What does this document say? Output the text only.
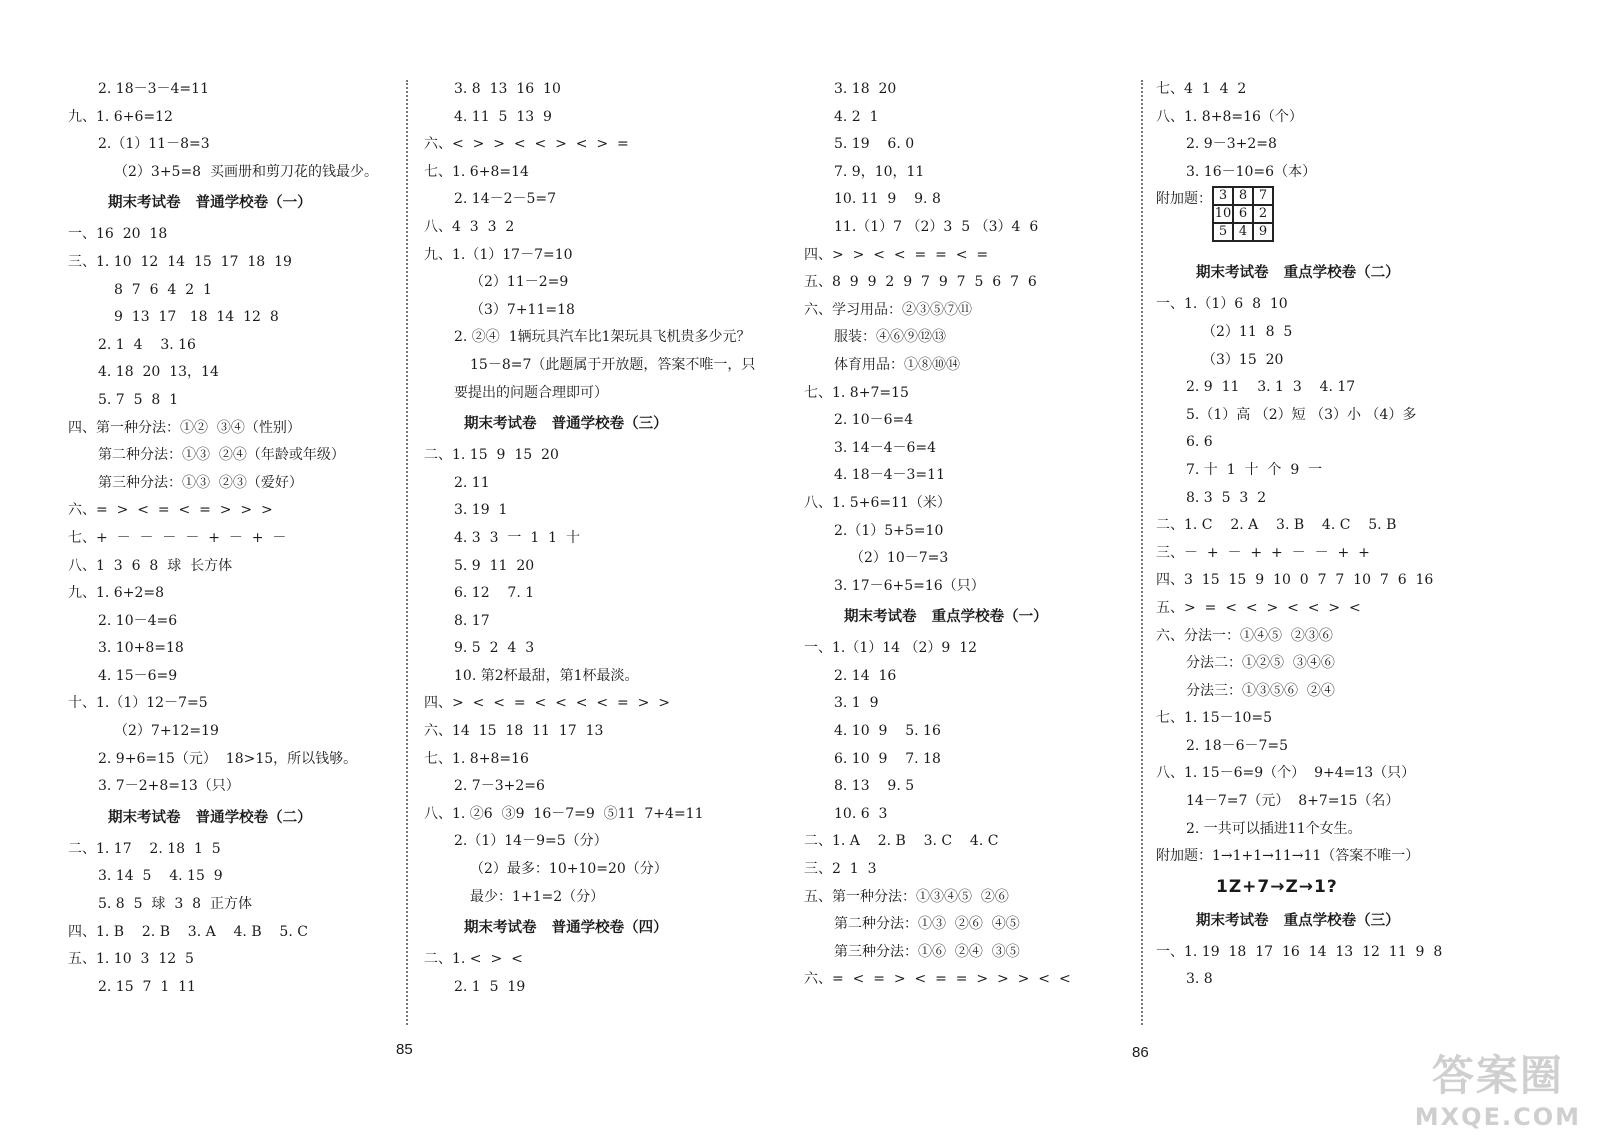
2. 18－3－4=11
九、1. 6+6=12
2.（1）11－8=3
（2）3+5=8  买画册和剪刀花的钱最少。
期末考试卷   普通学校卷（一）
一、16  20  18
三、1. 10  12  14  15  17  18  19
8  7  6  4  2  1
9  13  17   18  14  12  8
2. 1  4    3. 16
4. 18  20  13，14
5. 7  5  8  1
四、第一种分法：①②  ③④（性别）
第二种分法：①③  ②④（年龄或年级）
第三种分法：①③  ②③（爱好）
六、=  >  <  =  <  =  >  >  >
七、+  －  －  －  －  +  －  +  －
八、1  3  6  8  球  长方体
九、1. 6+2=8
2. 10－4=6
3. 10+8=18
4. 15－6=9
十、1.（1）12－7=5
（2）7+12=19
2. 9+6=15（元）  18>15，所以钱够。
3. 7－2+8=13（只）
期末考试卷   普通学校卷（二）
二、1. 17    2. 18  1  5
3. 14  5    4. 15  9
5. 8  5  球  3  8  正方体
四、1. B    2. B    3. A    4. B    5. C
五、1. 10  3  12  5
2. 15  7  1  11
3. 8  13  16  10
4. 11  5  13  9
六、<  >  >  <  <  >  <  >  =
七、1. 6+8=14
2. 14－2－5=7
八、4  3  3  2
九、1.（1）17－7=10
（2）11－2=9
（3）7+11=18
2. ②④  1辆玩具汽车比1架玩具飞机贵多少元？
15－8=7（此题属于开放题，答案不唯一，只
要提出的问题合理即可）
期末考试卷   普通学校卷（三）
二、1. 15  9  15  20
2. 11
3. 19  1
4. 3  3  一  1  1  十
5. 9  11  20
6. 12    7. 1
8. 17
9. 5  2  4  3
10. 第2杯最甜，第1杯最淡。
四、>  <  <  =  <  <  <  <  =  >  >
六、14  15  18  11  17  13
七、1. 8+8=16
2. 7－3+2=6
八、1. ②6  ③9  16－7=9  ⑤11  7+4=11
2.（1）14－9=5（分）
（2）最多：10+10=20（分）
最少：1+1=2（分）
期末考试卷   普通学校卷（四）
二、1. <  >  <
2. 1  5  19
3. 18  20
4. 2  1
5. 19    6. 0
7. 9，10，11
10. 11  9    9. 8
11.（1）7 （2）3  5 （3）4  6
四、>  >  <  <  =  =  <  =
五、8  9  9  2  9  7  9  7  5  6  7  6
六、学习用品：②③⑤⑦⑪
服装：④⑥⑨⑫⑬
体育用品：①⑧⑩⑭
七、1. 8+7=15
2. 10－6=4
3. 14－4－6=4
4. 18－4－3=11
八、1. 5+6=11（米）
2.（1）5+5=10
（2）10－7=3
3. 17－6+5=16（只）
期末考试卷   重点学校卷（一）
一、1.（1）14 （2）9  12
2. 14  16
3. 1  9
4. 10  9    5. 16
6. 10  9    7. 18
8. 13    9. 5
10. 6  3
二、1. A    2. B    3. C    4. C
三、2  1  3
五、第一种分法：①③④⑤  ②⑥
第二种分法：①③  ②⑥  ④⑤
第三种分法：①⑥  ②④  ③⑤
六、=  <  =  >  <  =  =  >  >  >  <  <
七、4  1  4  2
八、1. 8+8=16（个）
2. 9－3+2=8
3. 16－10=6（本）
附加题： 3 8 7
10 6 2
5 4 9
期末考试卷   重点学校卷（二）
一、1.（1）6  8  10
（2）11  8  5
（3）15  20
2. 9  11    3. 1  3    4. 17
5.（1）高 （2）短 （3）小 （4）多
6. 6
7. 十  1  十  个  9  一
8. 3  5  3  2
二、1. C    2. A    3. B    4. C    5. B
三、－  +  －  +  +  －  －  +  +
四、3  15  15  9  10  0  7  7  10  7  6  16
五、>  =  <  <  >  <  <  >  <
六、分法一：①④⑤  ②③⑥
分法二：①②⑤  ③④⑥
分法三：①③⑤⑥  ②④
七、1. 15－10=5
2. 18－6－7=5
八、1. 15－6=9（个）  9+4=13（只）
14－7=7（元）  8+7=15（名）
2. 一共可以插进11个女生。
附加题：1→1+1→11→11（答案不唯一）
1Z+7→Z→1?
期末考试卷   重点学校卷（三）
一、1. 19  18  17  16  14  13  12  11  9  8
3. 8
85	86	答案圈
MXQE.COM
